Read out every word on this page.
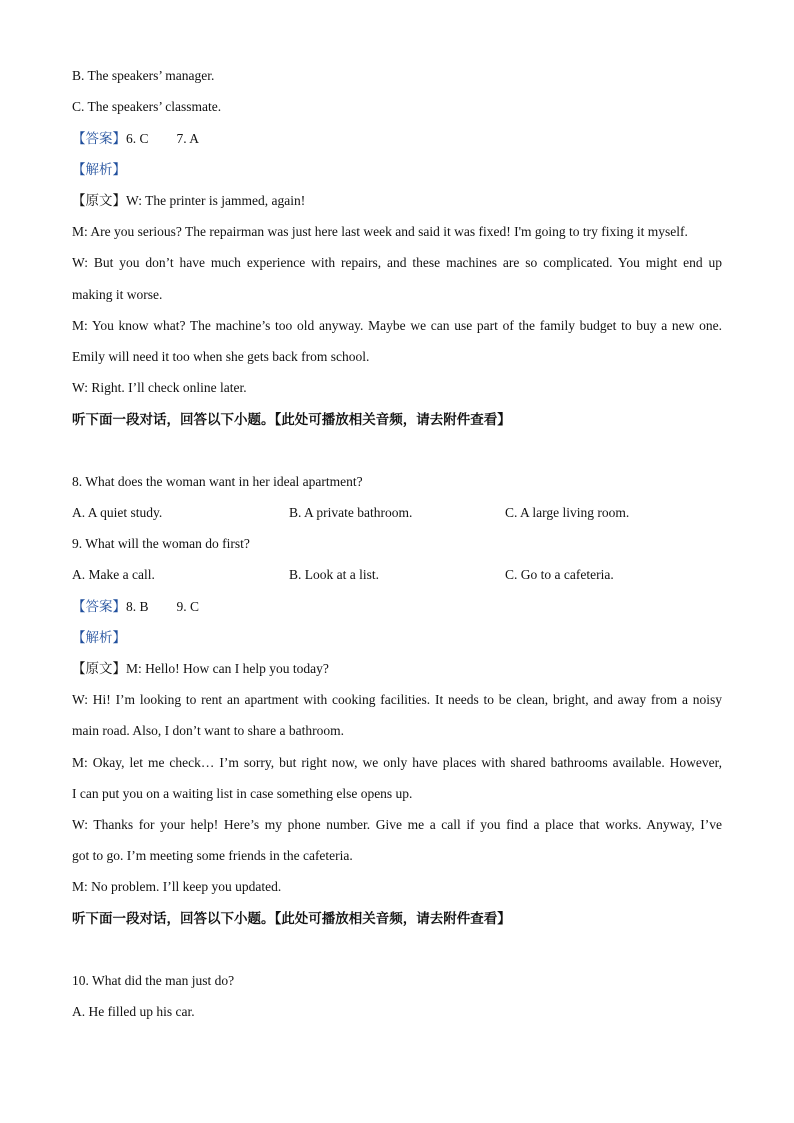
B. The speakers’ manager.
C. The speakers’ classmate.
【答案】6. C 7. A
【解析】
【原文】W: The printer is jammed, again!
M: Are you serious? The repairman was just here last week and said it was fixed! I'm going to try fixing it myself.
W: But you don’t have much experience with repairs, and these machines are so complicated. You might end up
making it worse.
M: You know what? The machine’s too old anyway. Maybe we can use part of the family budget to buy a new one.
Emily will need it too when she gets back from school.
W: Right. I’ll check online later.
听下面一段对话，回答以下小题。【此处可播放相关音频，请去附件查看】
8. What does the woman want in her ideal apartment?
A. A quiet study.	B. A private bathroom.	C. A large living room.
9. What will the woman do first?
A. Make a call.	B. Look at a list.	C. Go to a cafeteria.
【答案】8. B 9. C
【解析】
【原文】M: Hello! How can I help you today?
W: Hi! I’m looking to rent an apartment with cooking facilities. It needs to be clean, bright, and away from a noisy
main road. Also, I don’t want to share a bathroom.
M: Okay, let me check… I’m sorry, but right now, we only have places with shared bathrooms available. However,
I can put you on a waiting list in case something else opens up.
W: Thanks for your help! Here’s my phone number. Give me a call if you find a place that works. Anyway, I’ve
got to go. I’m meeting some friends in the cafeteria.
M: No problem. I’ll keep you updated.
听下面一段对话，回答以下小题。【此处可播放相关音频，请去附件查看】
10. What did the man just do?
A. He filled up his car.
